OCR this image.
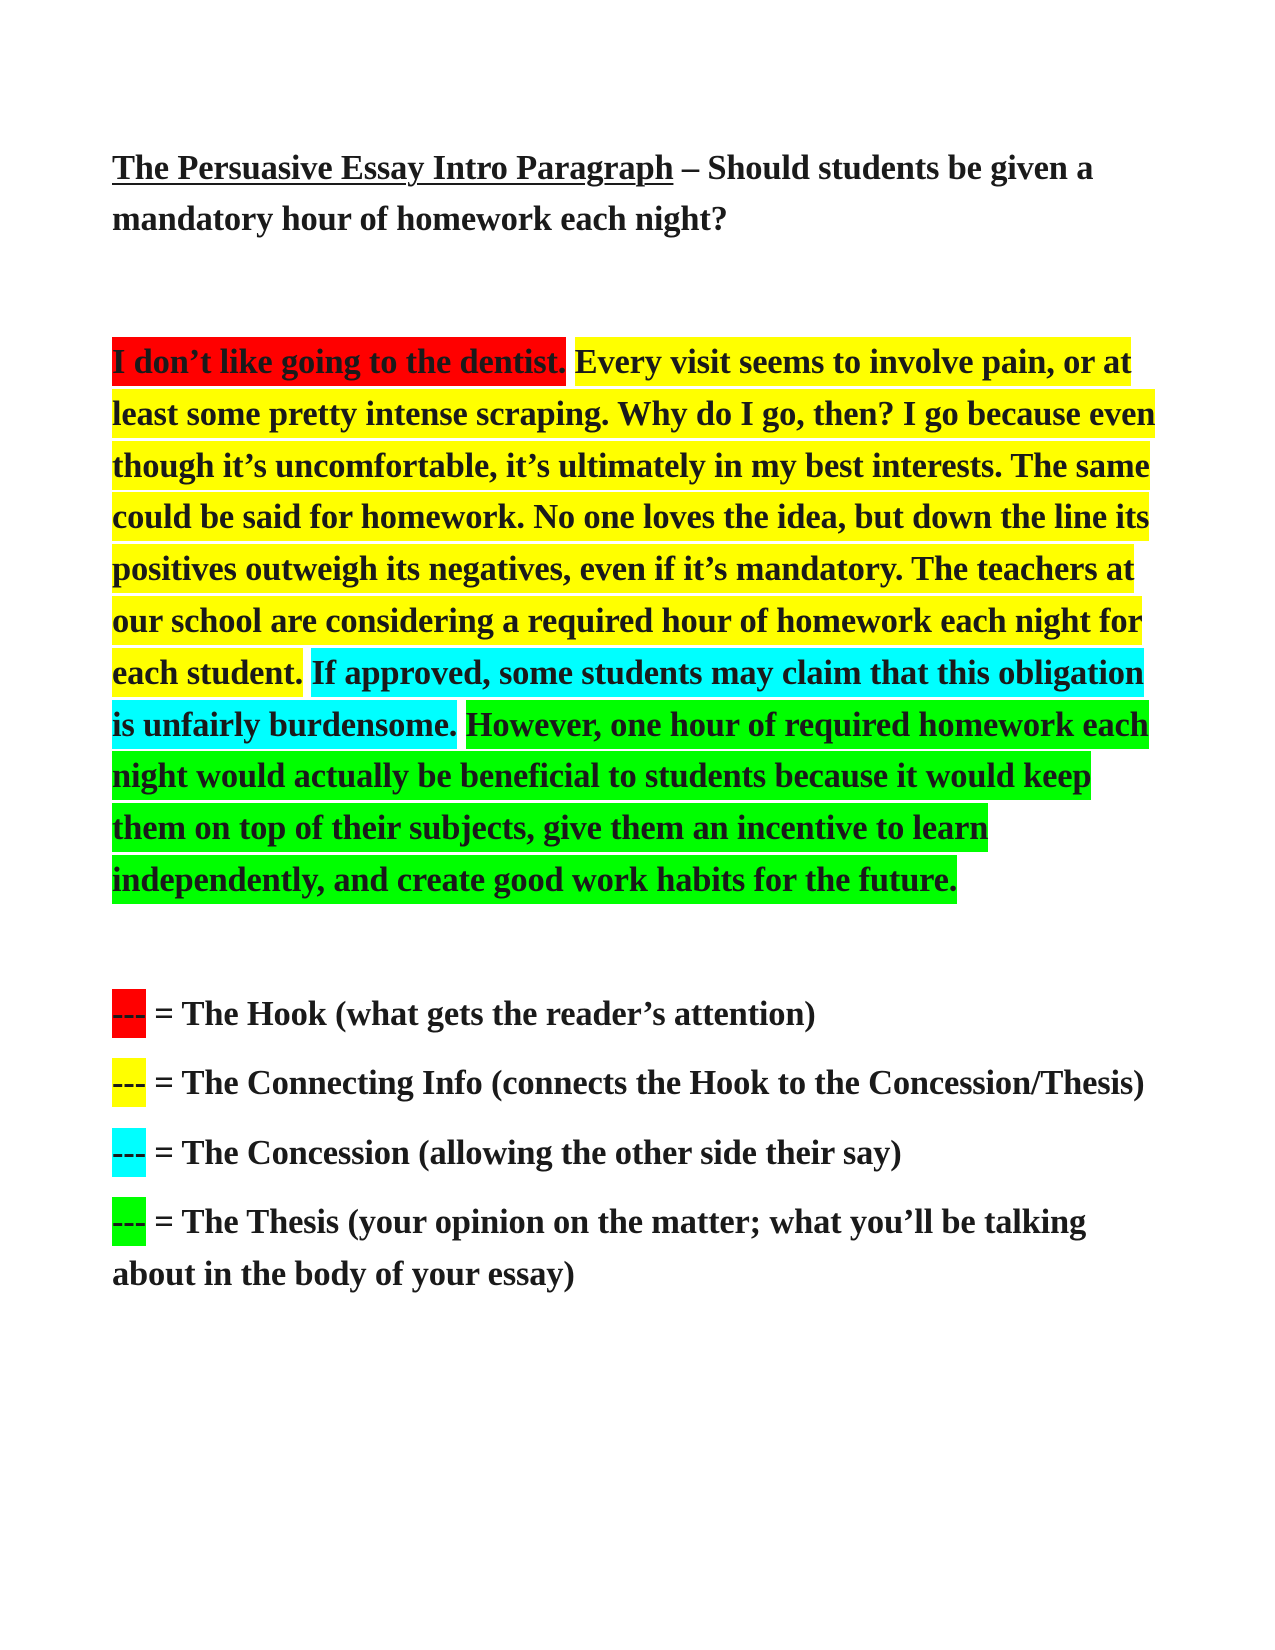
The Persuasive Essay Intro Paragraph – Should students be given a mandatory hour of homework each night?

I don’t like going to the dentist. Every visit seems to involve pain, or at least some pretty intense scraping. Why do I go, then? I go because even though it’s uncomfortable, it’s ultimately in my best interests. The same could be said for homework. No one loves the idea, but down the line its positives outweigh its negatives, even if it’s mandatory. The teachers at our school are considering a required hour of homework each night for each student. If approved, some students may claim that this obligation is unfairly burdensome. However, one hour of required homework each night would actually be beneficial to students because it would keep them on top of their subjects, give them an incentive to learn independently, and create good work habits for the future.

--- = The Hook (what gets the reader’s attention)

--- = The Connecting Info (connects the Hook to the Concession/Thesis)

--- = The Concession (allowing the other side their say)

--- = The Thesis (your opinion on the matter; what you’ll be talking about in the body of your essay)
